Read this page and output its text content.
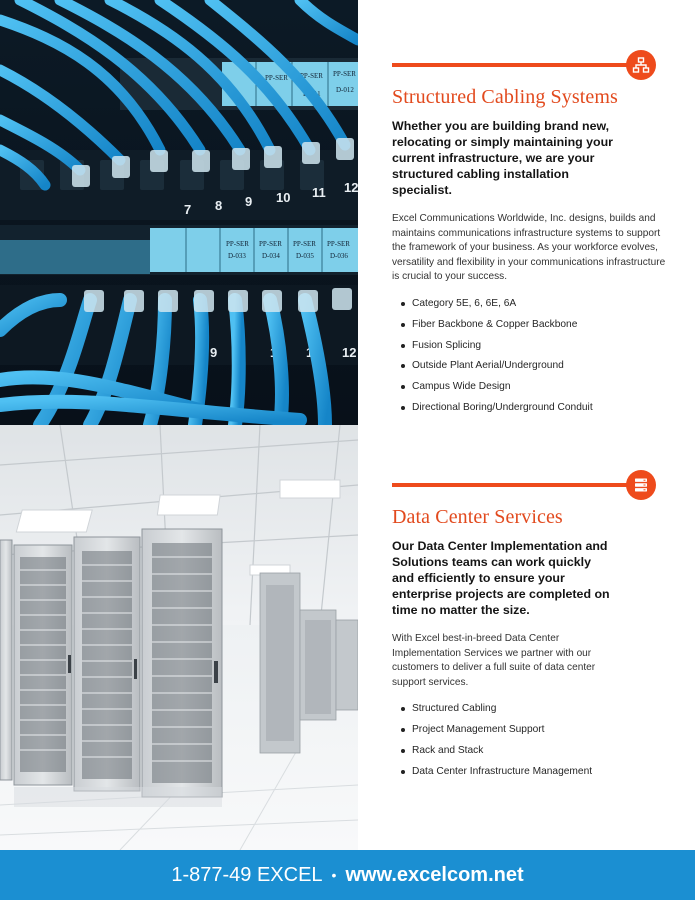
PP-SER PP-SER
D-011
PP-SER
D-012
7 8 9 10 11 12
PP-SER
D-033
PP-SER
D-034
PP-SER
D-035
PP-SER
D-036
9	10 11 12
Structured Cabling Systems

Whether you are building brand new, relocating or simply maintaining your current infrastructure, we are your structured cabling installation specialist.

Excel Communications Worldwide, Inc. designs, builds and maintains communications infrastructure systems to support the framework of your business. As your workforce evolves, versatility and flexibility in your communications infrastructure is crucial to your success.

Category 5E, 6, 6E, 6A
Fiber Backbone & Copper Backbone
Fusion Splicing
Outside Plant Aerial/Underground
Campus Wide Design
Directional Boring/Underground Conduit
Data Center Services

Our Data Center Implementation and Solutions teams can work quickly and efficiently to ensure your enterprise projects are completed on time no matter the size.

With Excel best-in-breed Data Center Implementation Services we partner with our customers to deliver a full suite of data center support services.

Structured Cabling
Project Management Support
Rack and Stack
Data Center Infrastructure Management
1-877-49 EXCEL • www.excelcom.net
